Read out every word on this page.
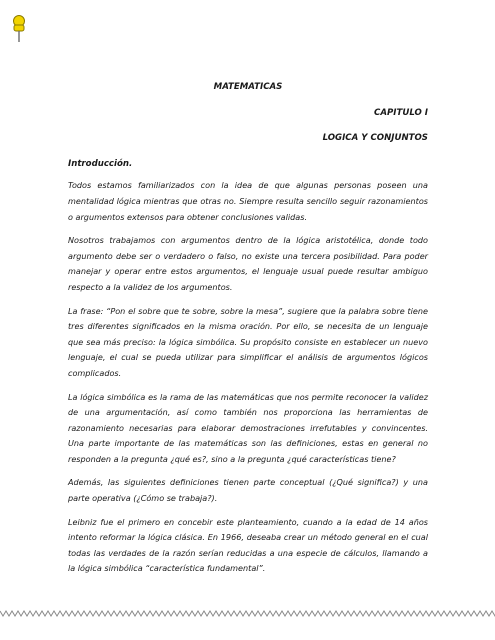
MATEMATICAS

CAPITULO I

LOGICA Y CONJUNTOS

Introducción.

Todos estamos familiarizados con la idea de que algunas personas poseen una mentalidad lógica mientras que otras no. Siempre resulta sencillo seguir razonamientos o argumentos extensos para obtener conclusiones validas.

Nosotros trabajamos con argumentos dentro de la lógica aristotélica, donde todo argumento debe ser o verdadero o falso, no existe una tercera posibilidad. Para poder manejar y operar entre estos argumentos, el lenguaje usual puede resultar ambiguo respecto a la validez de los argumentos.

La frase: “Pon el sobre que te sobre, sobre la mesa”, sugiere que la palabra sobre tiene tres diferentes significados en la misma oración. Por ello, se necesita de un lenguaje que sea más preciso: la lógica simbólica. Su propósito consiste en establecer un nuevo lenguaje, el cual se pueda utilizar para simplificar el análisis de argumentos lógicos complicados.

La lógica simbólica es la rama de las matemáticas que nos permite reconocer la validez de una argumentación, así como también nos proporciona las herramientas de razonamiento necesarias para elaborar demostraciones irrefutables y convincentes. Una parte importante de las matemáticas son las definiciones, estas en general no responden a la pregunta ¿qué es?, sino a la pregunta ¿qué características tiene?

Además, las siguientes definiciones tienen parte conceptual (¿Qué significa?) y una parte operativa (¿Cómo se trabaja?).

Leibniz fue el primero en concebir este planteamiento, cuando a la edad de 14 años intento reformar la lógica clásica. En 1966, deseaba crear un método general en el cual todas las verdades de la razón serían reducidas a una especie de cálculos, llamando a la lógica simbólica “característica fundamental”.
